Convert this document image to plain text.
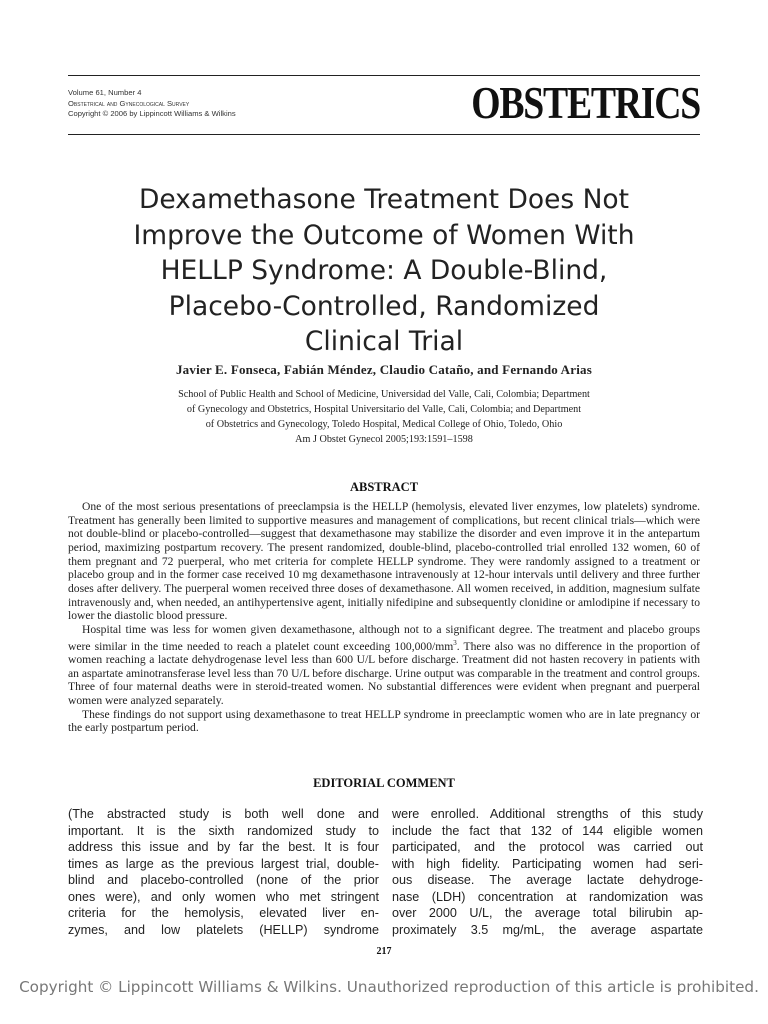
Volume 61, Number 4
Obstetrical and Gynecological Survey
Copyright © 2006 by Lippincott Williams & Wilkins	OBSTETRICS
Dexamethasone Treatment Does Not
Improve the Outcome of Women With
HELLP Syndrome: A Double-Blind,
Placebo-Controlled, Randomized
Clinical Trial
Javier E. Fonseca, Fabián Méndez, Claudio Cataño, and Fernando Arias
School of Public Health and School of Medicine, Universidad del Valle, Cali, Colombia; Department
of Gynecology and Obstetrics, Hospital Universitario del Valle, Cali, Colombia; and Department
of Obstetrics and Gynecology, Toledo Hospital, Medical College of Ohio, Toledo, Ohio
Am J Obstet Gynecol 2005;193:1591–1598
ABSTRACT

One of the most serious presentations of preeclampsia is the HELLP (hemolysis, elevated liver enzymes, low platelets) syndrome. Treatment has generally been limited to supportive measures and management of complications, but recent clinical trials—which were not double-blind or placebo-controlled—suggest that dexamethasone may stabilize the disorder and even improve it in the antepartum period, maximizing postpartum recovery. The present randomized, double-blind, placebo-controlled trial enrolled 132 women, 60 of them pregnant and 72 puerperal, who met criteria for complete HELLP syndrome. They were randomly assigned to a treatment or placebo group and in the former case received 10 mg dexamethasone intravenously at 12-hour intervals until delivery and three further doses after delivery. The puerperal women received three doses of dexamethasone. All women received, in addition, magnesium sulfate intravenously and, when needed, an antihypertensive agent, initially nifedipine and subsequently clonidine or amlodipine if necessary to lower the diastolic blood pressure.

Hospital time was less for women given dexamethasone, although not to a significant degree. The treatment and placebo groups were similar in the time needed to reach a platelet count exceeding $100,000/mm^3$. There also was no difference in the proportion of women reaching a lactate dehydrogenase level less than 600 U/L before discharge. Treatment did not hasten recovery in patients with an aspartate aminotransferase level less than 70 U/L before discharge. Urine output was comparable in the treatment and control groups. Three of four maternal deaths were in steroid-treated women. No substantial differences were evident when pregnant and puerperal women were analyzed separately.

These findings do not support using dexamethasone to treat HELLP syndrome in preeclamptic women who are in late pregnancy or the early postpartum period.

EDITORIAL COMMENT
(The abstracted study is both well done and
important. It is the sixth randomized study to
address this issue and by far the best. It is four
times as large as the previous largest trial, double-
blind and placebo-controlled (none of the prior
ones were), and only women who met stringent
criteria for the hemolysis, elevated liver en-
zymes, and low platelets (HELLP) syndrome
were enrolled. Additional strengths of this study
include the fact that 132 of 144 eligible women
participated, and the protocol was carried out
with high fidelity. Participating women had seri-
ous disease. The average lactate dehydroge-
nase (LDH) concentration at randomization was
over 2000 U/L, the average total bilirubin ap-
proximately 3.5 mg/mL, the average aspartate
217
Copyright © Lippincott Williams & Wilkins. Unauthorized reproduction of this article is prohibited.
